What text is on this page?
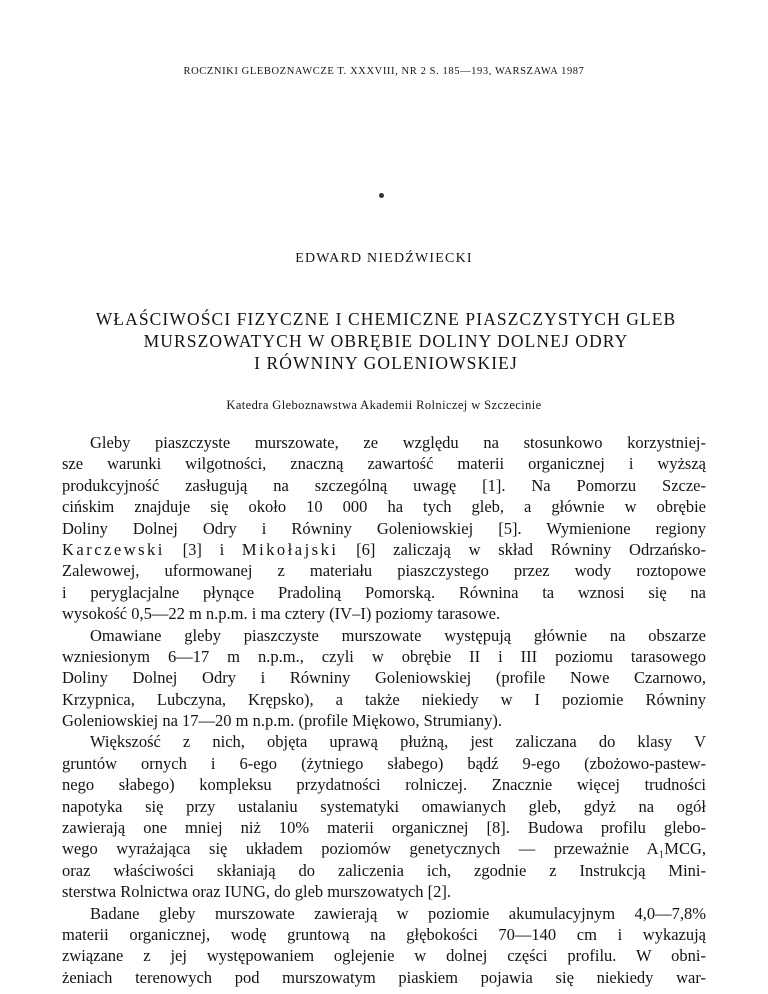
ROCZNIKI GLEBOZNAWCZE T. XXXVIII, NR 2 S. 185—193, WARSZAWA 1987
EDWARD NIEDŹWIECKI
WŁAŚCIWOŚCI FIZYCZNE I CHEMICZNE PIASZCZYSTYCH GLEB
MURSZOWATYCH W OBRĘBIE DOLINY DOLNEJ ODRY
I RÓWNINY GOLENIOWSKIEJ
Katedra Gleboznawstwa Akademii Rolniczej w Szczecinie
Gleby piaszczyste murszowate, ze względu na stosunkowo korzystniej-
sze warunki wilgotności, znaczną zawartość materii organicznej i wyższą
produkcyjność zasługują na szczególną uwagę [1]. Na Pomorzu Szcze-
cińskim znajduje się około 10 000 ha tych gleb, a głównie w obrębie
Doliny Dolnej Odry i Równiny Goleniowskiej [5]. Wymienione regiony
Karczewski [3] i Mikołajski [6] zaliczają w skład Równiny Odrzańsko-
Zalewowej, uformowanej z materiału piaszczystego przez wody roztopowe
i peryglacjalne płynące Pradoliną Pomorską. Równina ta wznosi się na
wysokość 0,5—22 m n.p.m. i ma cztery (IV–I) poziomy tarasowe.
Omawiane gleby piaszczyste murszowate występują głównie na obszarze
wzniesionym 6—17 m n.p.m., czyli w obrębie II i III poziomu tarasowego
Doliny Dolnej Odry i Równiny Goleniowskiej (profile Nowe Czarnowo,
Krzypnica, Lubczyna, Krępsko), a także niekiedy w I poziomie Równiny
Goleniowskiej na 17—20 m n.p.m. (profile Miękowo, Strumiany).
Większość z nich, objęta uprawą płużną, jest zaliczana do klasy V
gruntów ornych i 6-ego (żytniego słabego) bądź 9-ego (zbożowo-pastew-
nego słabego) kompleksu przydatności rolniczej. Znacznie więcej trudności
napotyka się przy ustalaniu systematyki omawianych gleb, gdyż na ogół
zawierają one mniej niż 10% materii organicznej [8]. Budowa profilu glebo-
wego wyrażająca się układem poziomów genetycznych — przeważnie A₁MCG,
oraz właściwości skłaniają do zaliczenia ich, zgodnie z Instrukcją Mini-
sterstwa Rolnictwa oraz IUNG, do gleb murszowatych [2].
Badane gleby murszowate zawierają w poziomie akumulacyjnym 4,0—7,8%
materii organicznej, wodę gruntową na głębokości 70—140 cm i wykazują
związane z jej występowaniem oglejenie w dolnej części profilu. W obni-
żeniach terenowych pod murszowatym piaskiem pojawia się niekiedy war-
